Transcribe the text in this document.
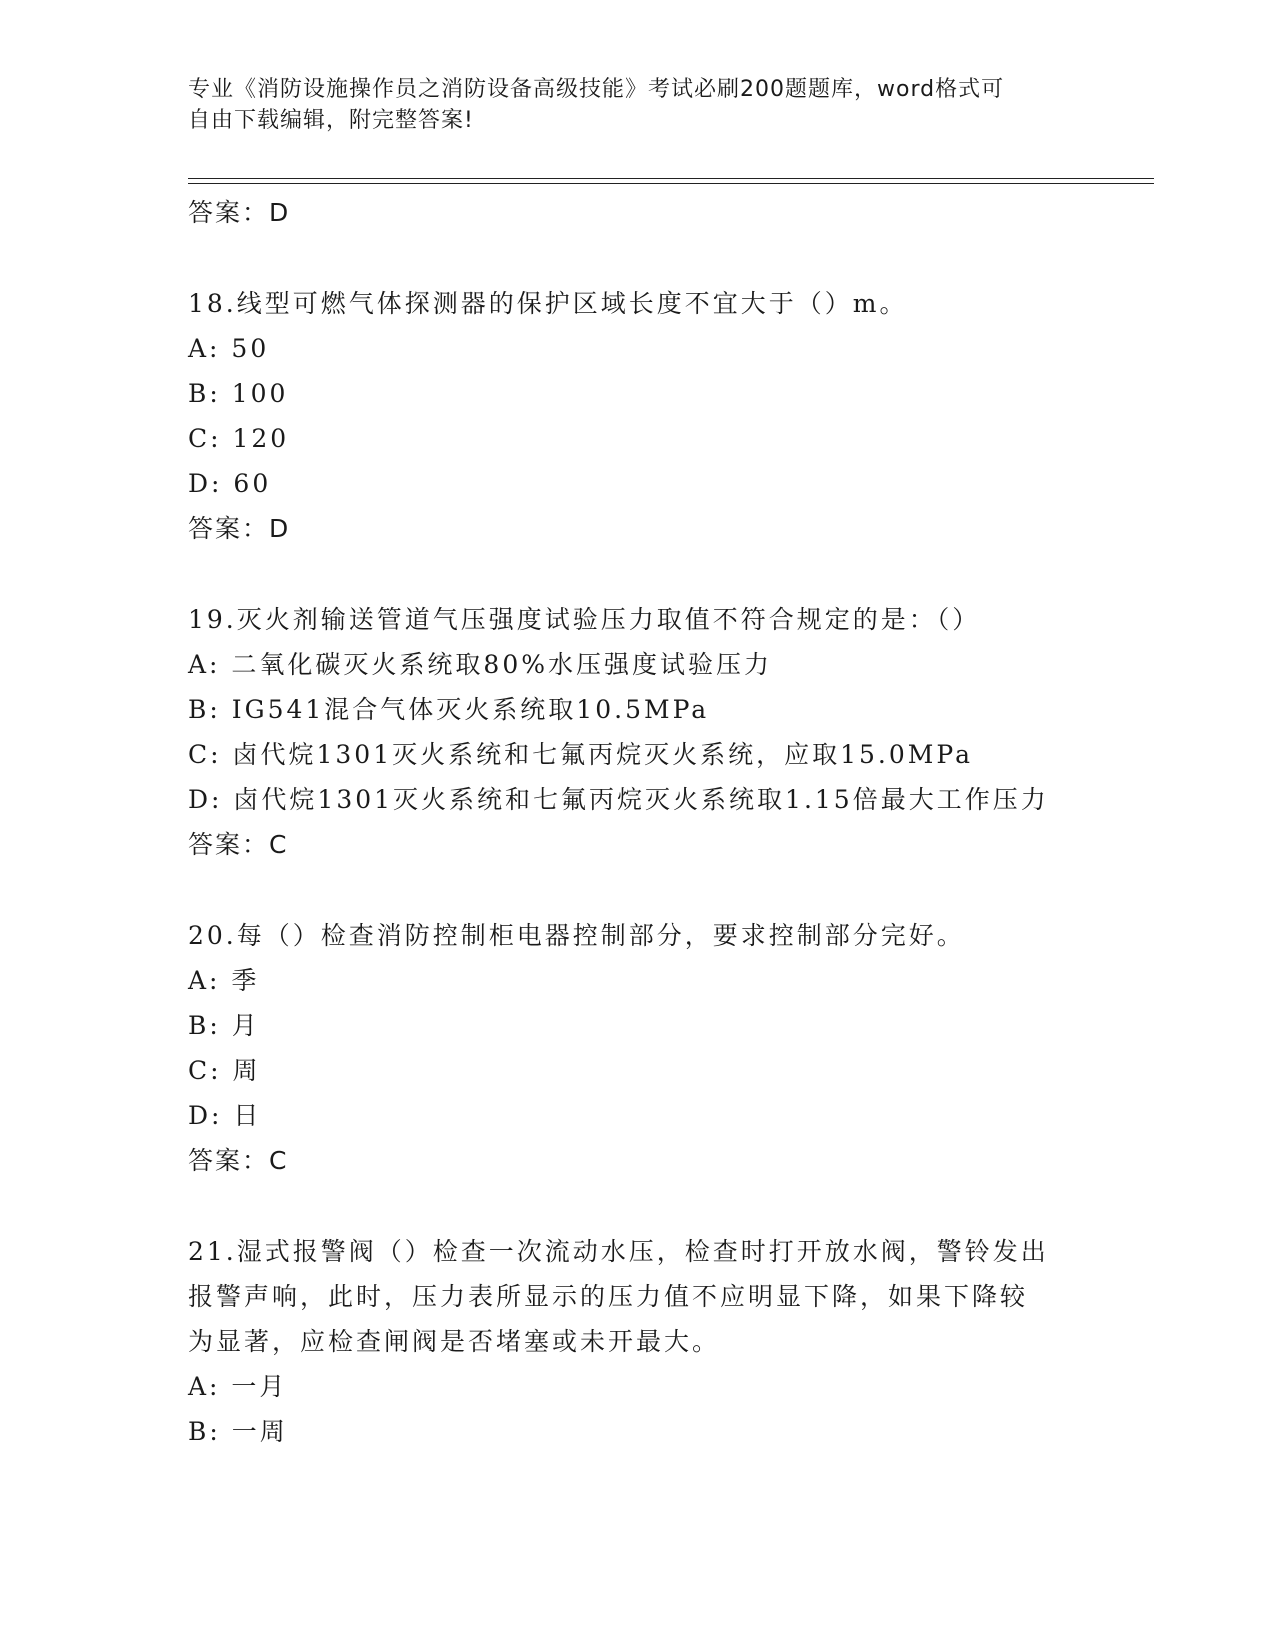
专业《消防设施操作员之消防设备高级技能》考试必刷200题题库，word格式可
自由下载编辑，附完整答案!
答案：D
18.线型可燃气体探测器的保护区域长度不宜大于（）m。
A: 50
B: 100
C: 120
D: 60
答案：D
19.灭火剂输送管道气压强度试验压力取值不符合规定的是：（）
A: 二氧化碳灭火系统取80%水压强度试验压力
B: IG541混合气体灭火系统取10.5MPa
C: 卤代烷1301灭火系统和七氟丙烷灭火系统，应取15.0MPa
D: 卤代烷1301灭火系统和七氟丙烷灭火系统取1.15倍最大工作压力
答案：C
20.每（）检查消防控制柜电器控制部分，要求控制部分完好。
A: 季
B: 月
C: 周
D: 日
答案：C
21.湿式报警阀（）检查一次流动水压，检查时打开放水阀，警铃发出
报警声响，此时，压力表所显示的压力值不应明显下降，如果下降较
为显著，应检查闸阀是否堵塞或未开最大。
A: 一月
B: 一周
